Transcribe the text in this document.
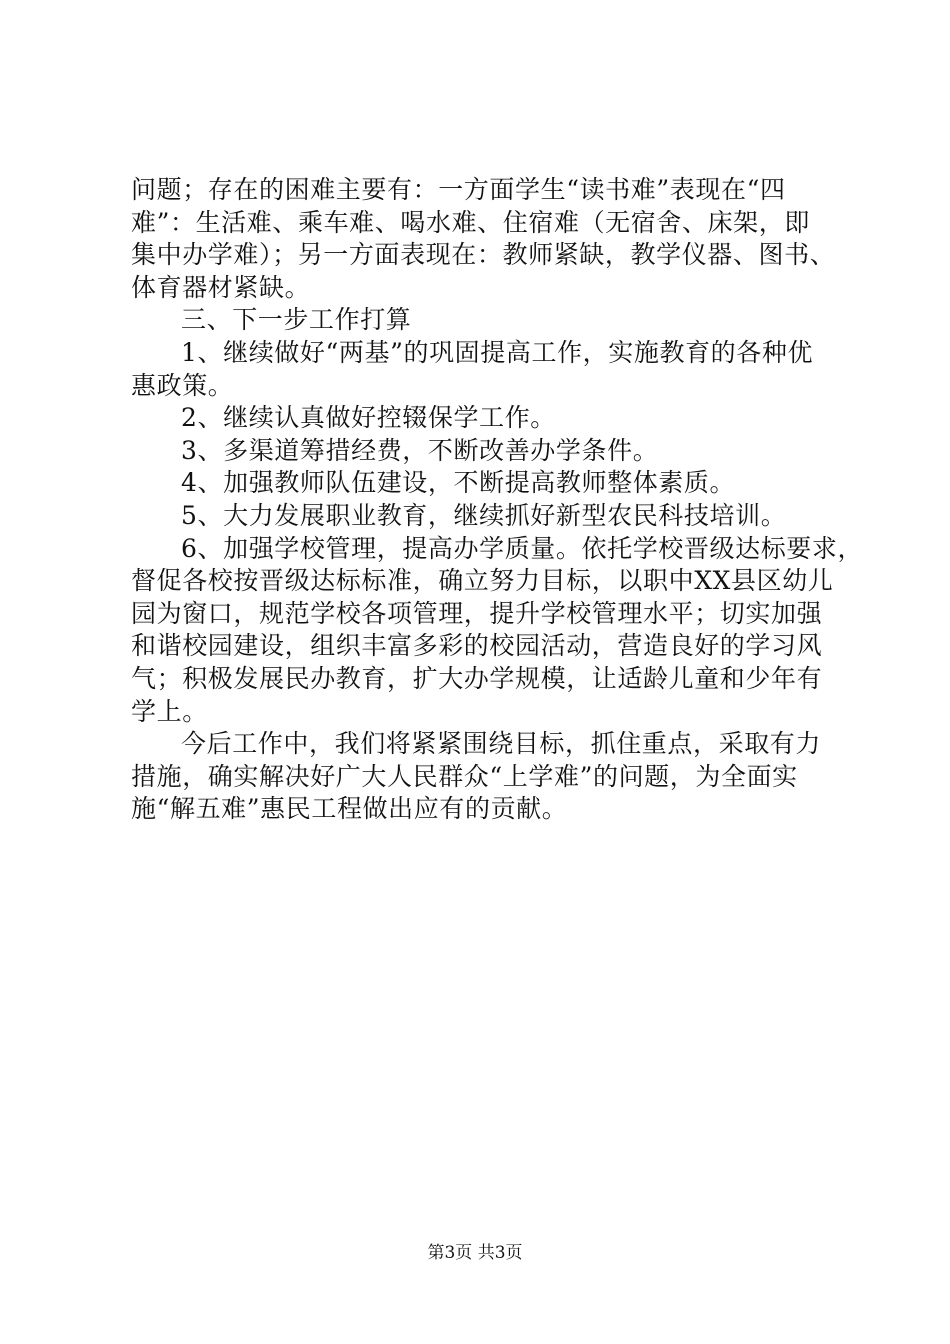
问题；存在的困难主要有：一方面学生“读书难”表现在“四
难”：生活难、乘车难、喝水难、住宿难（无宿舍、床架，即
集中办学难）；另一方面表现在：教师紧缺，教学仪器、图书、
体育器材紧缺。
三、下一步工作打算
1、继续做好“两基”的巩固提高工作，实施教育的各种优
惠政策。
2、继续认真做好控辍保学工作。
3、多渠道筹措经费，不断改善办学条件。
4、加强教师队伍建设，不断提高教师整体素质。
5、大力发展职业教育，继续抓好新型农民科技培训。
6、加强学校管理，提高办学质量。依托学校晋级达标要求，
督促各校按晋级达标标准，确立努力目标，以职中XX县区幼儿
园为窗口，规范学校各项管理，提升学校管理水平；切实加强
和谐校园建设，组织丰富多彩的校园活动，营造良好的学习风
气；积极发展民办教育，扩大办学规模，让适龄儿童和少年有
学上。
今后工作中，我们将紧紧围绕目标，抓住重点，采取有力
措施，确实解决好广大人民群众“上学难”的问题，为全面实
施“解五难”惠民工程做出应有的贡献。
第3页 共3页
